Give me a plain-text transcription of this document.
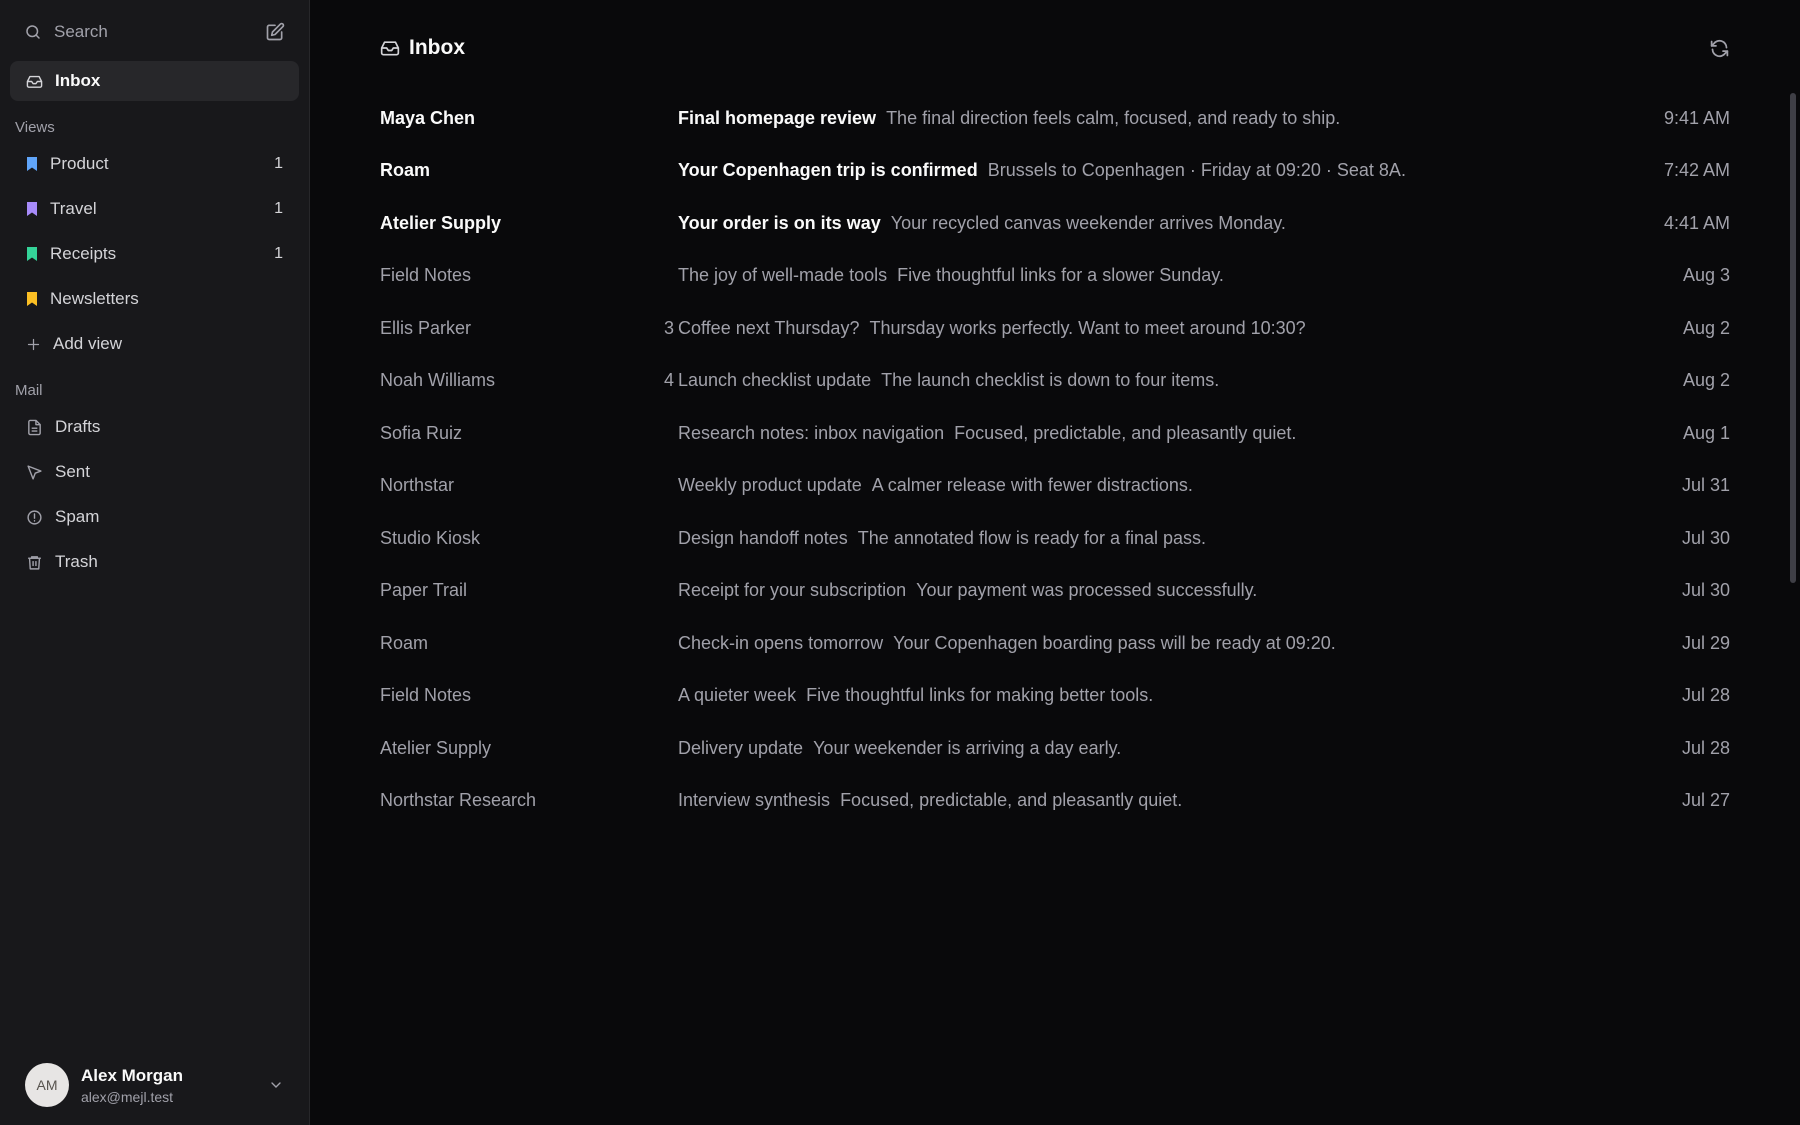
Search
Inbox
Views
Product	1
Travel	1
Receipts	1
Newsletters
Add view
Mail
Drafts
Sent
Spam
Trash
AM
Alex Morgan
alex@mejl.test
Inbox
Maya Chen	Final homepage review The final direction feels calm, focused, and ready to ship.	9:41 AM
Roam	Your Copenhagen trip is confirmed Brussels to Copenhagen · Friday at 09:20 · Seat 8A.	7:42 AM
Atelier Supply	Your order is on its way Your recycled canvas weekender arrives Monday.	4:41 AM
Field Notes	The joy of well-made tools Five thoughtful links for a slower Sunday.	Aug 3
Ellis Parker	3 Coffee next Thursday? Thursday works perfectly. Want to meet around 10:30?	Aug 2
Noah Williams	4 Launch checklist update The launch checklist is down to four items.	Aug 2
Sofia Ruiz	Research notes: inbox navigation Focused, predictable, and pleasantly quiet.	Aug 1
Northstar	Weekly product update A calmer release with fewer distractions.	Jul 31
Studio Kiosk	Design handoff notes The annotated flow is ready for a final pass.	Jul 30
Paper Trail	Receipt for your subscription Your payment was processed successfully.	Jul 30
Roam	Check-in opens tomorrow Your Copenhagen boarding pass will be ready at 09:20.	Jul 29
Field Notes	A quieter week Five thoughtful links for making better tools.	Jul 28
Atelier Supply	Delivery update Your weekender is arriving a day early.	Jul 28
Northstar Research	Interview synthesis Focused, predictable, and pleasantly quiet.	Jul 27
